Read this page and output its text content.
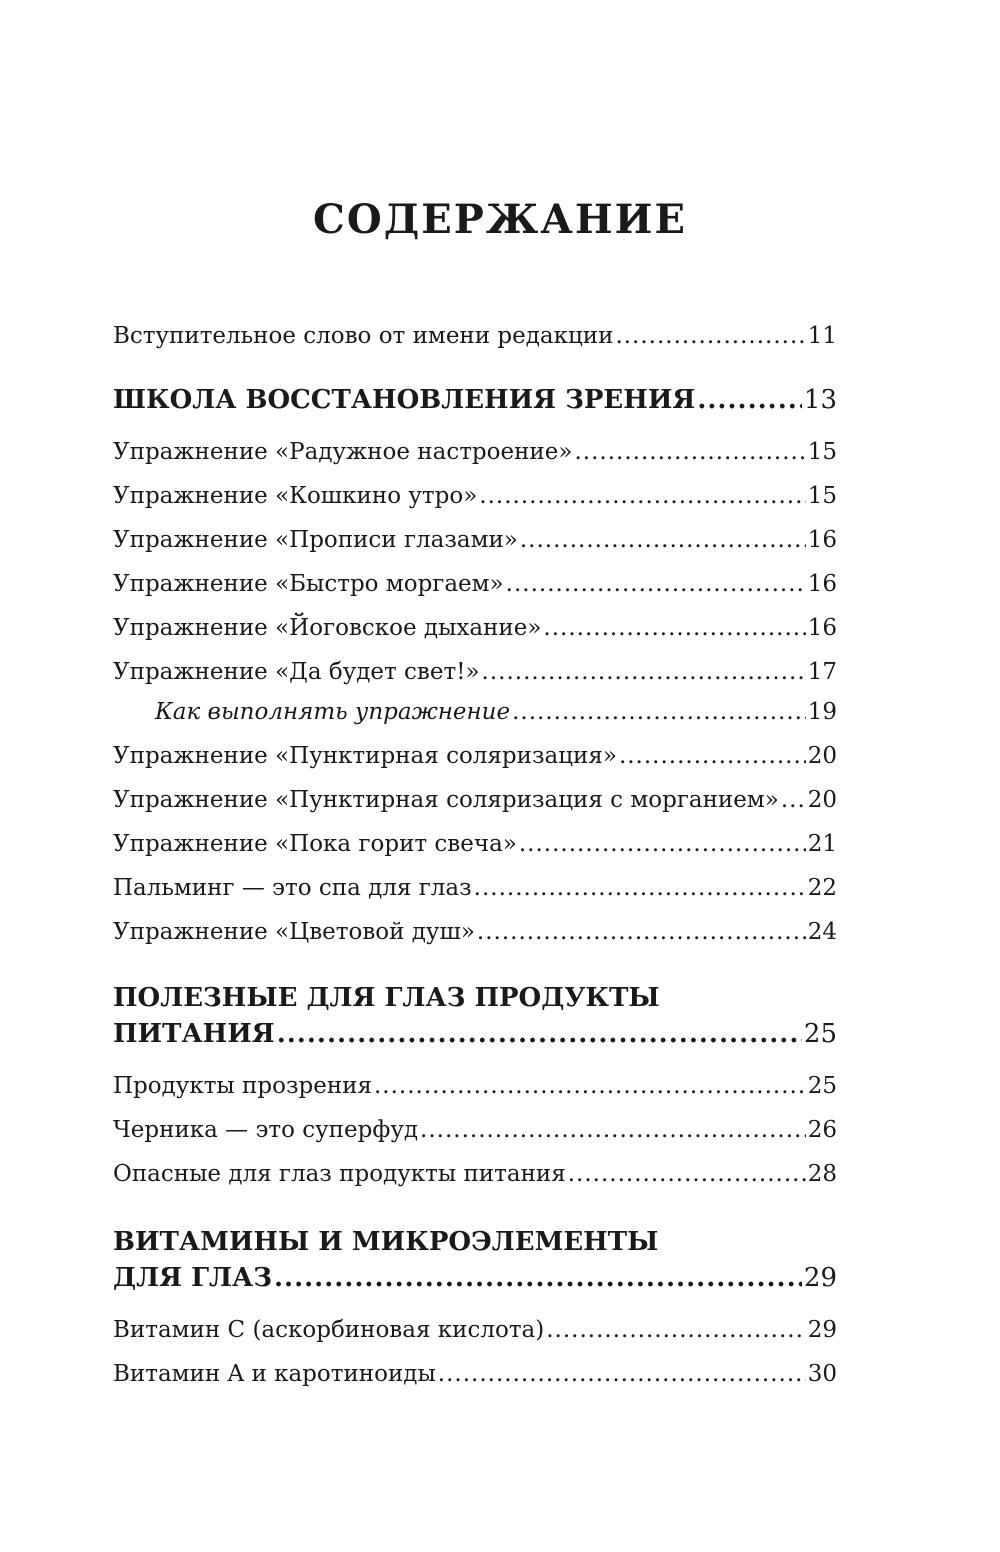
СОДЕРЖАНИЕ
Вступительное слово от имени редакции .....	11
ШКОЛА ВОССТАНОВЛЕНИЯ ЗРЕНИЯ .....	13
Упражнение «Радужное настроение» .....	15
Упражнение «Кошкино утро» .....	15
Упражнение «Прописи глазами» .....	16
Упражнение «Быстро моргаем» .....	16
Упражнение «Йоговское дыхание» .....	16
Упражнение «Да будет свет!» .....	17
Как выполнять упражнение .....	19
Упражнение «Пунктирная соляризация» .....	20
Упражнение «Пунктирная соляризация с морганием» ..... 20
Упражнение «Пока горит свеча» .....	21
Пальминг — это спа для глаз .....	22
Упражнение «Цветовой душ» .....	24
ПОЛЕЗНЫЕ ДЛЯ ГЛАЗ ПРОДУКТЫ
ПИТАНИЯ .....	25
Продукты прозрения .....	25
Черника — это суперфуд .....	26
Опасные для глаз продукты питания .....	28
ВИТАМИНЫ И МИКРОЭЛЕМЕНТЫ
ДЛЯ ГЛАЗ .....	29
Витамин C (аскорбиновая кислота) .....	29
Витамин A и каротиноиды .....	30
